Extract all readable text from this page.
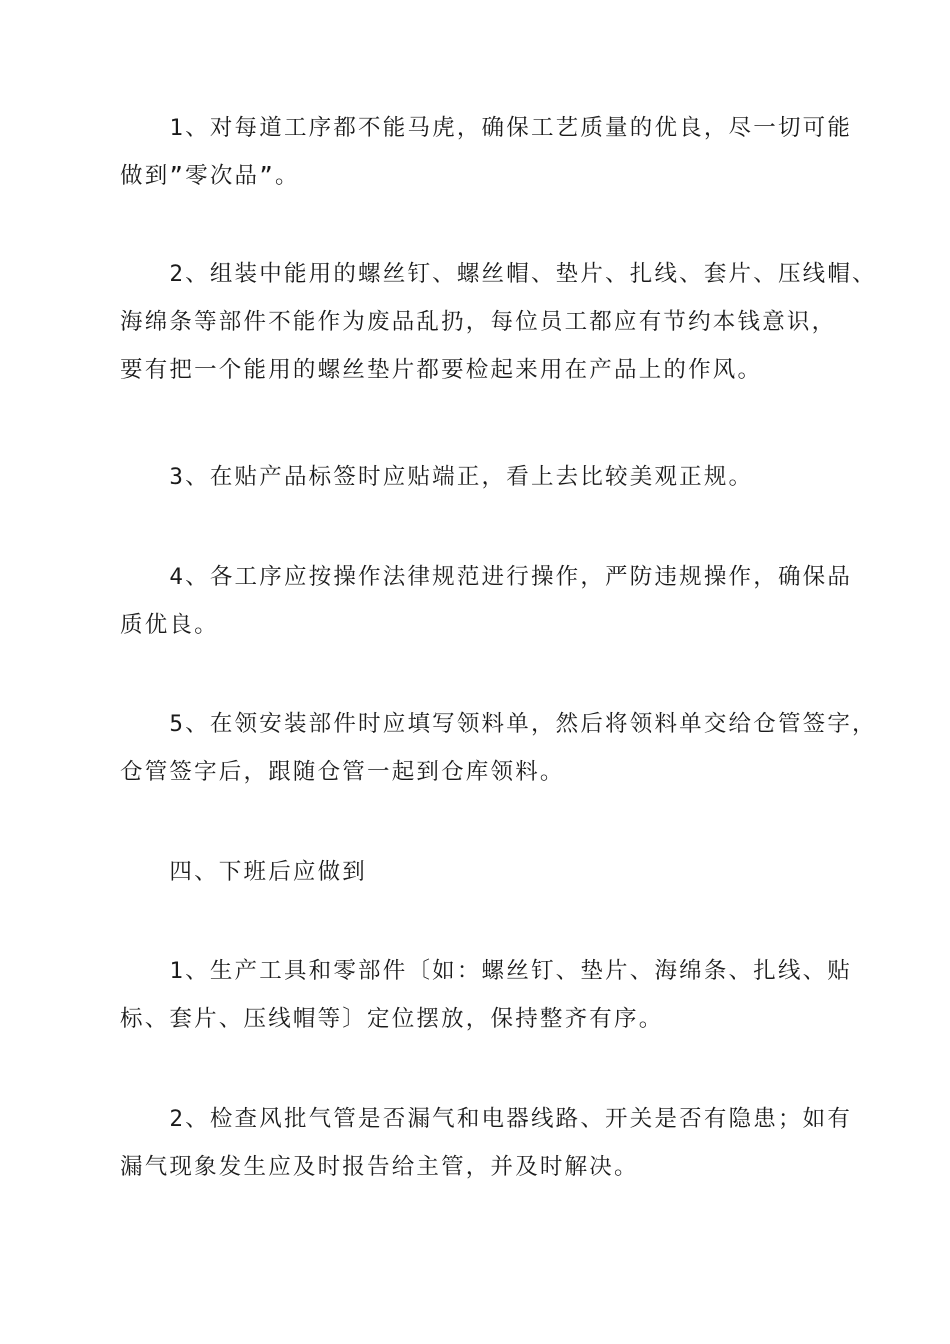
　　1、对每道工序都不能马虎，确保工艺质量的优良，尽一切可能
做到”零次品”。

　　2、组装中能用的螺丝钉、螺丝帽、垫片、扎线、套片、压线帽、
海绵条等部件不能作为废品乱扔，每位员工都应有节约本钱意识，
要有把一个能用的螺丝垫片都要检起来用在产品上的作风。

　　3、在贴产品标签时应贴端正，看上去比较美观正规。

　　4、各工序应按操作法律规范进行操作，严防违规操作，确保品
质优良。

　　5、在领安装部件时应填写领料单，然后将领料单交给仓管签字，
仓管签字后，跟随仓管一起到仓库领料。

　　四、下班后应做到

　　1、生产工具和零部件〔如：螺丝钉、垫片、海绵条、扎线、贴
标、套片、压线帽等〕定位摆放，保持整齐有序。

　　2、检查风批气管是否漏气和电器线路、开关是否有隐患；如有
漏气现象发生应及时报告给主管，并及时解决。
